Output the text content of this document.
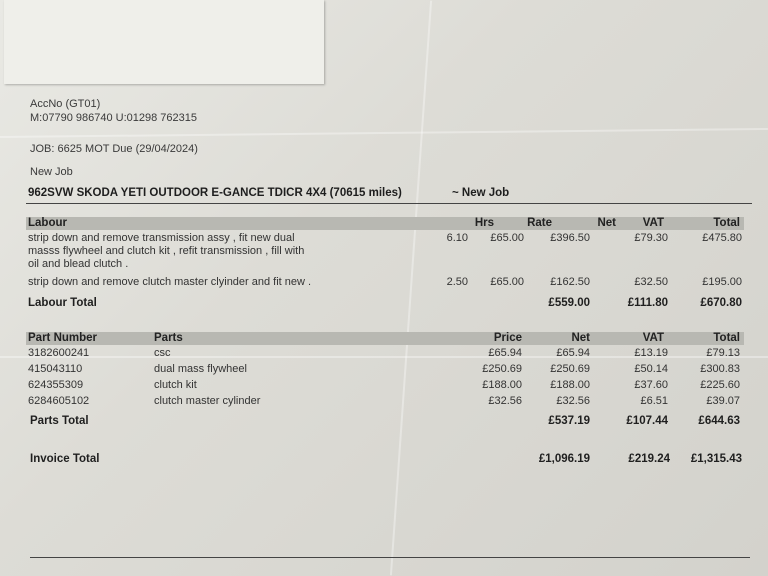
AccNo (GT01)
M:07790 986740 U:01298 762315
JOB: 6625 MOT Due (29/04/2024)
New Job
962SVW SKODA YETI OUTDOOR E-GANCE TDICR 4X4 (70615 miles)	~ New Job
Labour	Hrs	Rate	Net	VAT	Total
strip down and remove transmission assy , fit new dual
masss flywheel and clutch kit , refit transmission , fill with
oil and blead clutch .
6.10	£65.00	£396.50	£79.30	£475.80
strip down and remove clutch master clyinder and fit new .	2.50	£65.00	£162.50	£32.50	£195.00
Labour Total	£559.00	£111.80	£670.80
Part Number	Parts	Price	Net	VAT	Total
3182600241	csc	£65.94	£65.94	£13.19	£79.13
415043110	dual mass flywheel	£250.69	£250.69	£50.14	£300.83
624355309	clutch kit	£188.00	£188.00	£37.60	£225.60
6284605102	clutch master cylinder	£32.56	£32.56	£6.51	£39.07
Parts Total	£537.19	£107.44	£644.63
Invoice Total	£1,096.19	£219.24	£1,315.43
